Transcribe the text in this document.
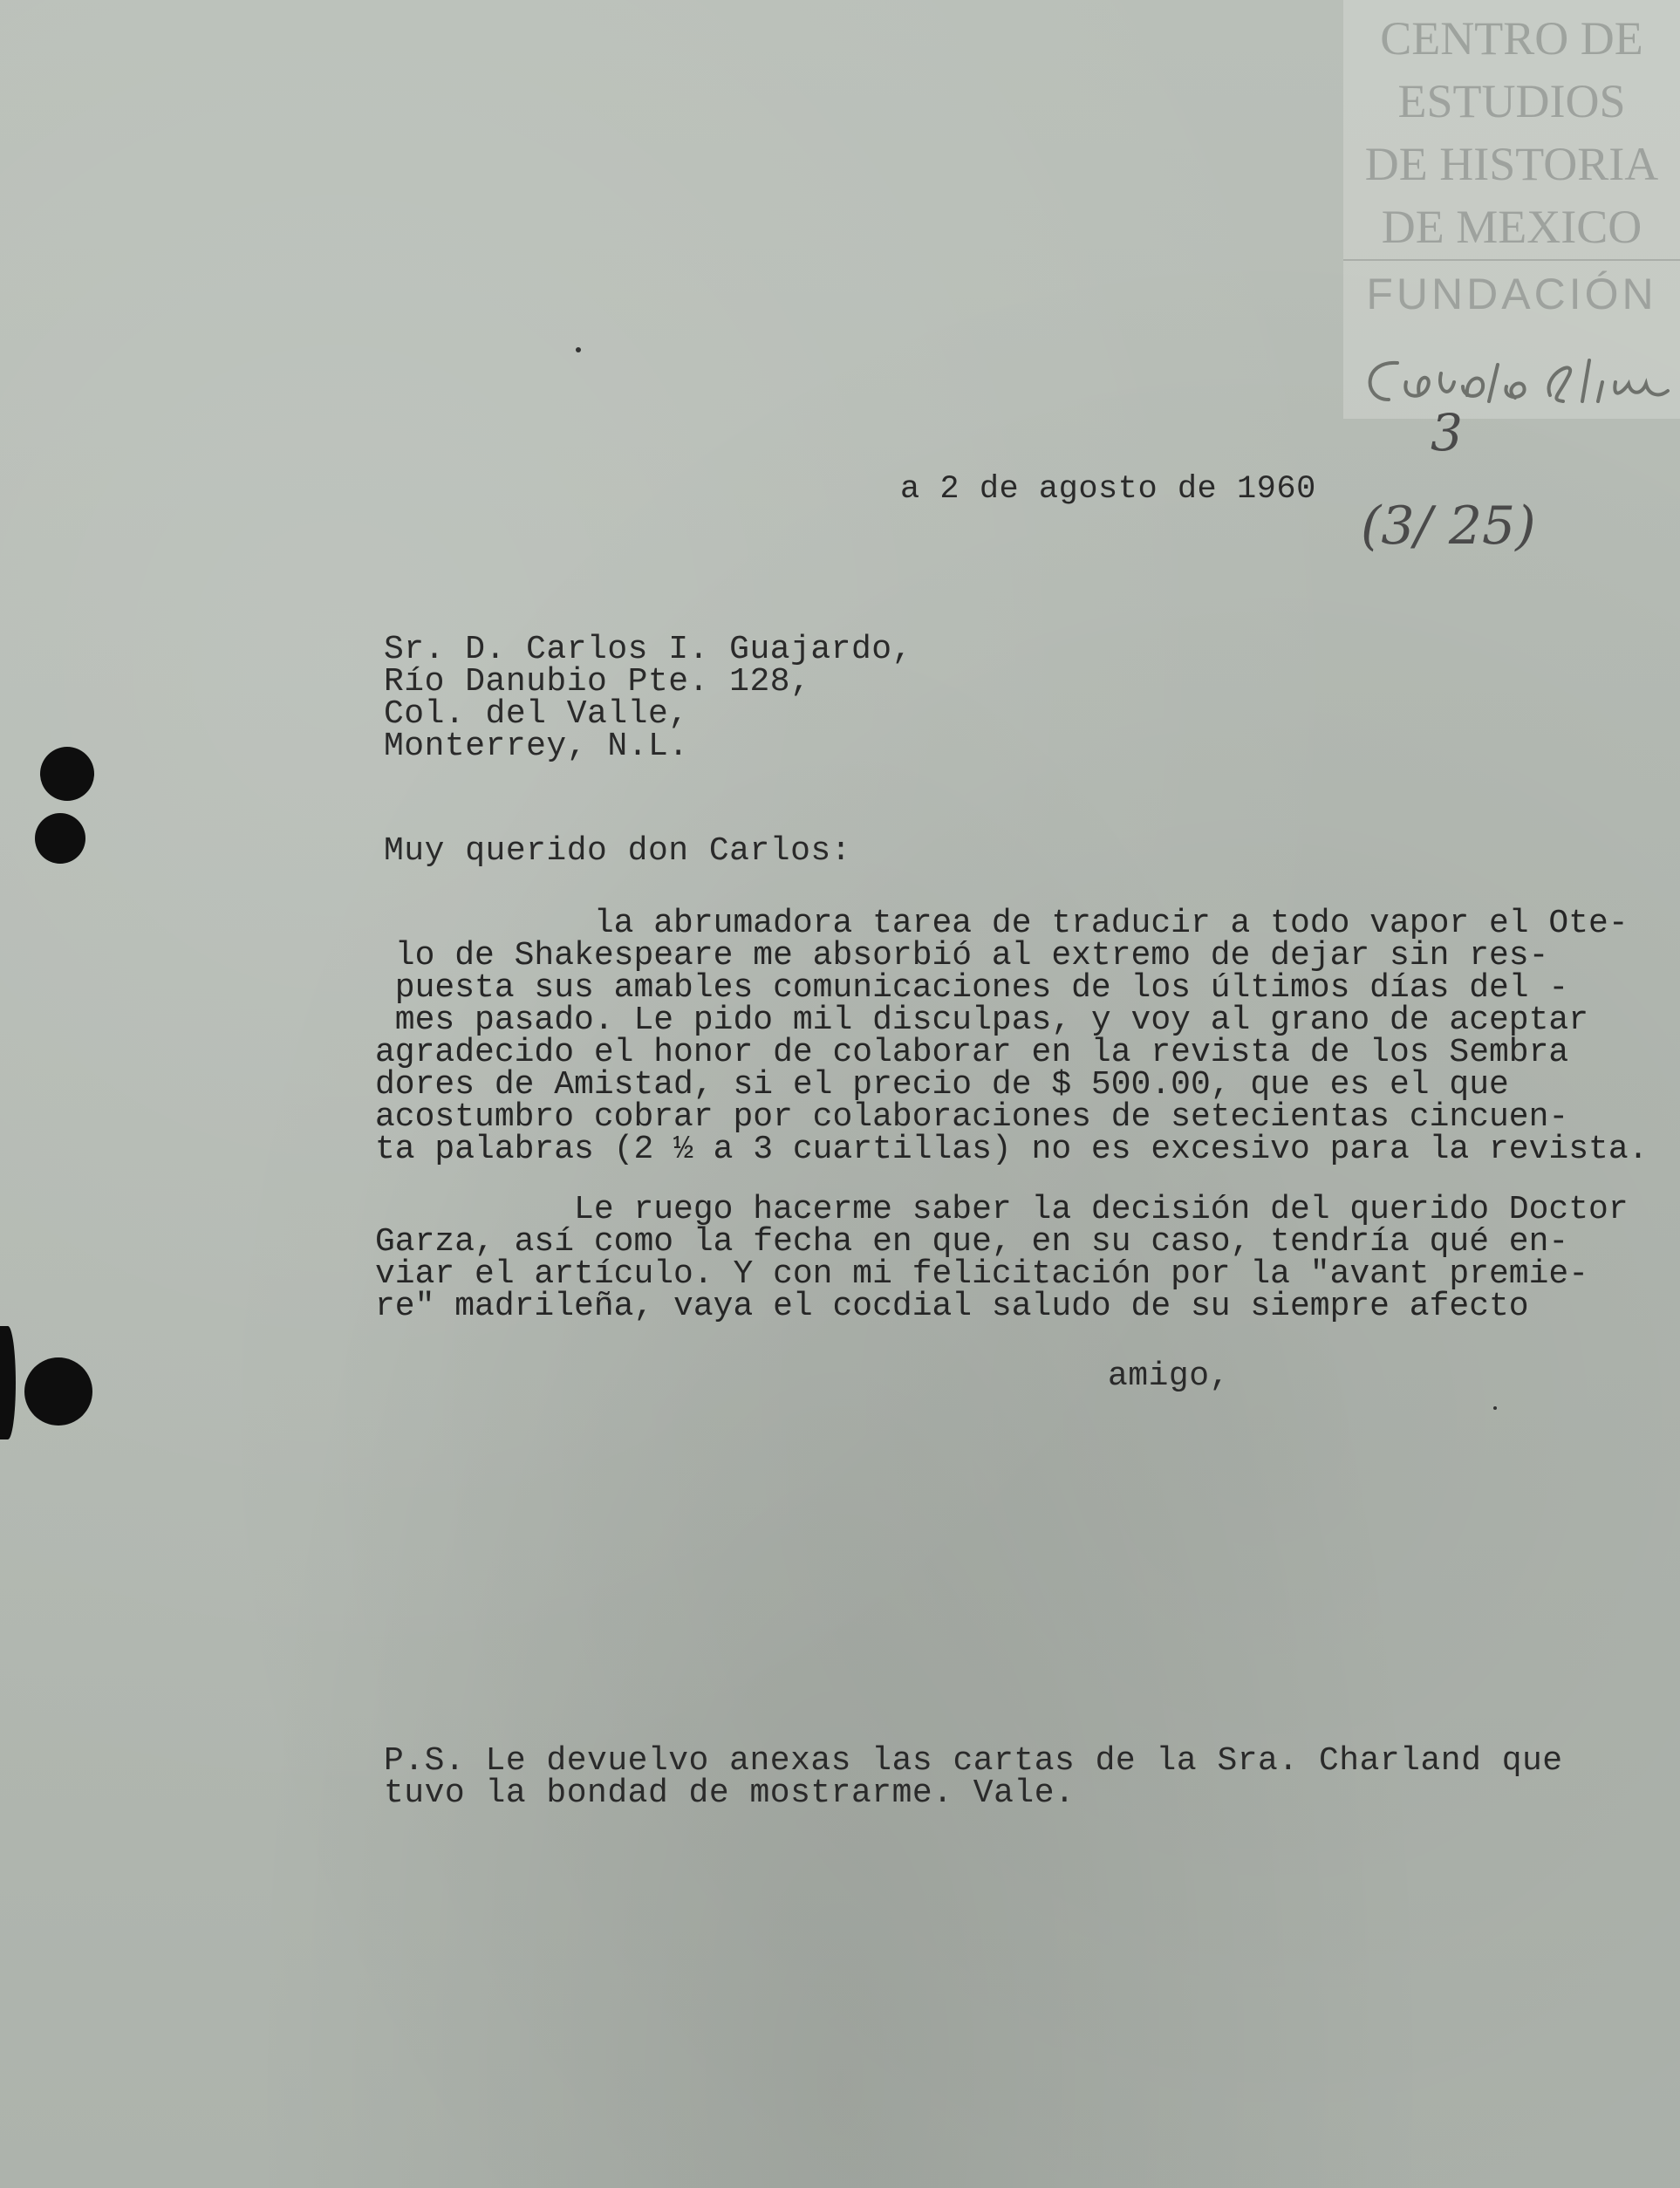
CENTRO DE
ESTUDIOS
DE HISTORIA
DE MEXICO

FUNDACIÓN

3

(3/ 25)

a 2 de agosto de 1960

Sr. D. Carlos I. Guajardo,
Río Danubio Pte. 128,
Col. del Valle,
Monterrey, N.L.

Muy querido don Carlos:

la abrumadora tarea de traducir a todo vapor el Ote-
lo de Shakespeare me absorbió al extremo de dejar sin res-
puesta sus amables comunicaciones de los últimos días del -
mes pasado. Le pido mil disculpas, y voy al grano de aceptar
agradecido el honor de colaborar en la revista de los Sembra
dores de Amistad, si el precio de $ 500.00, que es el que
acostumbro cobrar por colaboraciones de setecientas cincuen-
ta palabras (2 ½ a 3 cuartillas) no es excesivo para la revista.

Le ruego hacerme saber la decisión del querido Doctor
Garza, así como la fecha en que, en su caso, tendría qué en-
viar el artículo. Y con mi felicitación por la "avant premie-
re" madrileña, vaya el cocdial saludo de su siempre afecto

amigo,

P.S. Le devuelvo anexas las cartas de la Sra. Charland que
tuvo la bondad de mostrarme. Vale.
